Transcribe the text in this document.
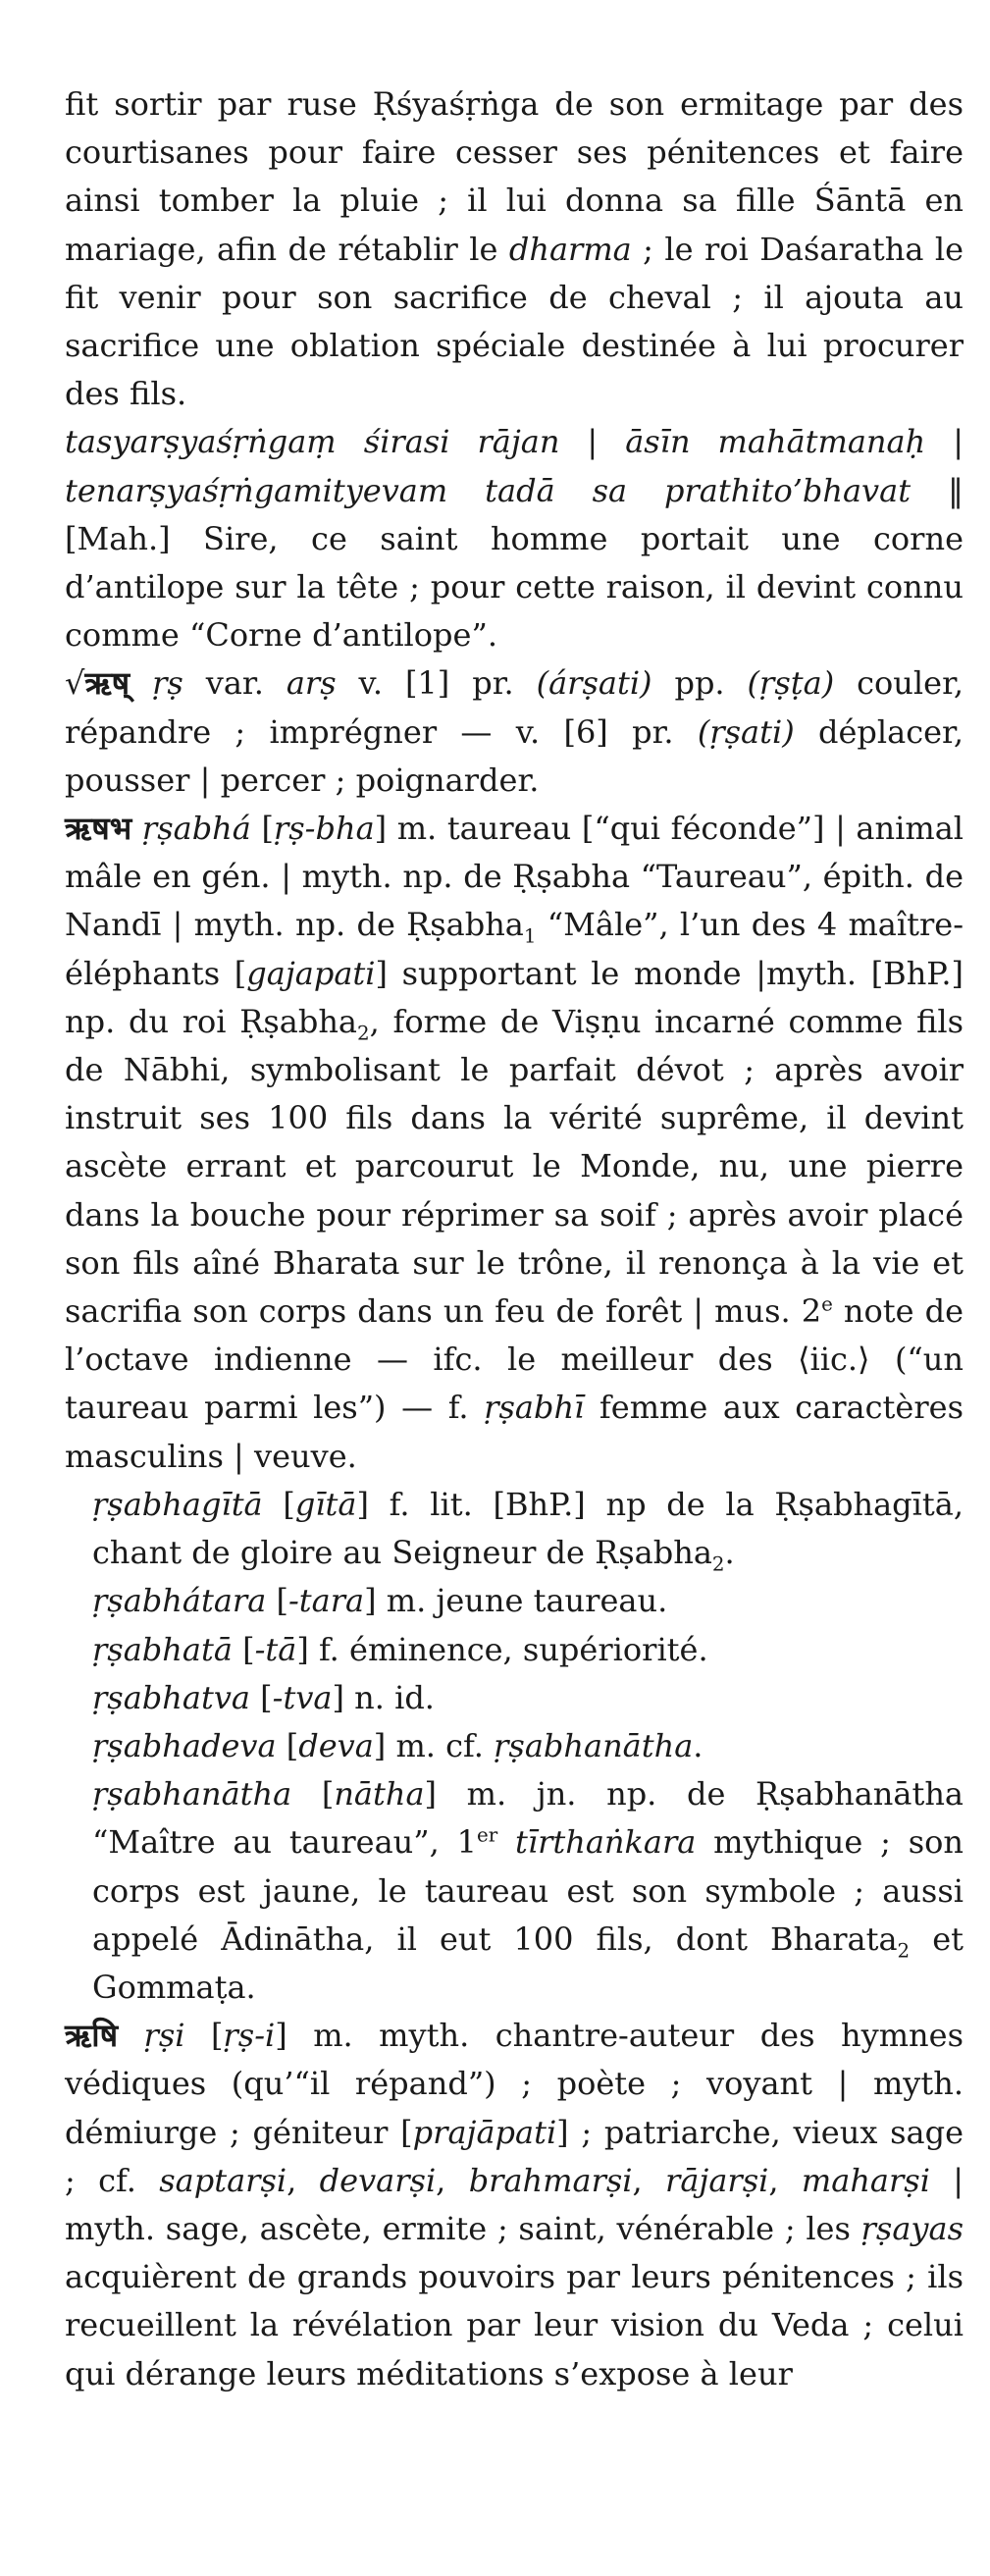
fit sortir par ruse Ṛśyaśṛṅga de son ermitage par des courtisanes pour faire cesser ses pénitences et faire ainsi tomber la pluie ; il lui donna sa fille Śāntā en mariage, afin de rétablir le dharma ; le roi Daśaratha le fit venir pour son sacrifice de cheval ; il ajouta au sacrifice une oblation spéciale destinée à lui procurer des fils.
tasyarṣyaśṛṅgaṃ śirasi rājan | āsīn mahātmanaḥ | tenarṣyaśṛṅgamityevam tadā sa prathito’bhavat ‖ [Mah.] Sire, ce saint homme portait une corne d’antilope sur la tête ; pour cette raison, il devint connu comme “Corne d’antilope”.

√ऋष् ṛṣ var. arṣ v. [1] pr. (árṣati) pp. (ṛṣṭa) couler, répandre ; imprégner — v. [6] pr. (ṛṣati) déplacer, pousser | percer ; poignarder.

ऋषभ ṛṣabhá [ṛṣ-bha] m. taureau [“qui féconde”] | animal mâle en gén. | myth. np. de Ṛṣabha “Taureau”, épith. de Nandī | myth. np. de Ṛṣabha$_1$ “Mâle”, l’un des 4 maître-éléphants [gajapati] supportant le monde |myth. [BhP.] np. du roi Ṛṣabha$_2$, forme de Viṣṇu incarné comme fils de Nābhi, symbolisant le parfait dévot ; après avoir instruit ses 100 fils dans la vérité suprême, il devint ascète errant et parcourut le Monde, nu, une pierre dans la bouche pour réprimer sa soif ; après avoir placé son fils aîné Bharata sur le trône, il renonça à la vie et sacrifia son corps dans un feu de forêt | mus. 2e note de l’octave indienne — ifc. le meilleur des ⟨iic.⟩ (“un taureau parmi les”) — f. ṛṣabhī femme aux caractères masculins | veuve.

ṛṣabhagītā [gītā] f. lit. [BhP.] np de la Ṛṣabhagītā, chant de gloire au Seigneur de Ṛṣabha$_2$.

ṛṣabhátara [-tara] m. jeune taureau.

ṛṣabhatā [-tā] f. éminence, supériorité.

ṛṣabhatva [-tva] n. id.

ṛṣabhadeva [deva] m. cf. ṛṣabhanātha.

ṛṣabhanātha [nātha] m. jn. np. de Ṛṣabhanātha “Maître au taureau”, 1er tīrthaṅkara mythique ; son corps est jaune, le taureau est son symbole ; aussi appelé Ādinātha, il eut 100 fils, dont Bharata$_2$ et Gommaṭa.

ऋषि ṛṣi [ṛṣ-i] m. myth. chantre-auteur des hymnes védiques (qu’“il répand”) ; poète ; voyant | myth. démiurge ; géniteur [prajāpati] ; patriarche, vieux sage ; cf. saptarṣi, devarṣi, brahmarṣi, rājarṣi, maharṣi | myth. sage, ascète, ermite ; saint, vénérable ; les ṛṣayas acquièrent de grands pouvoirs par leurs pénitences ; ils recueillent la révélation par leur vision du Veda ; celui qui dérange leurs méditations s’expose à leur
